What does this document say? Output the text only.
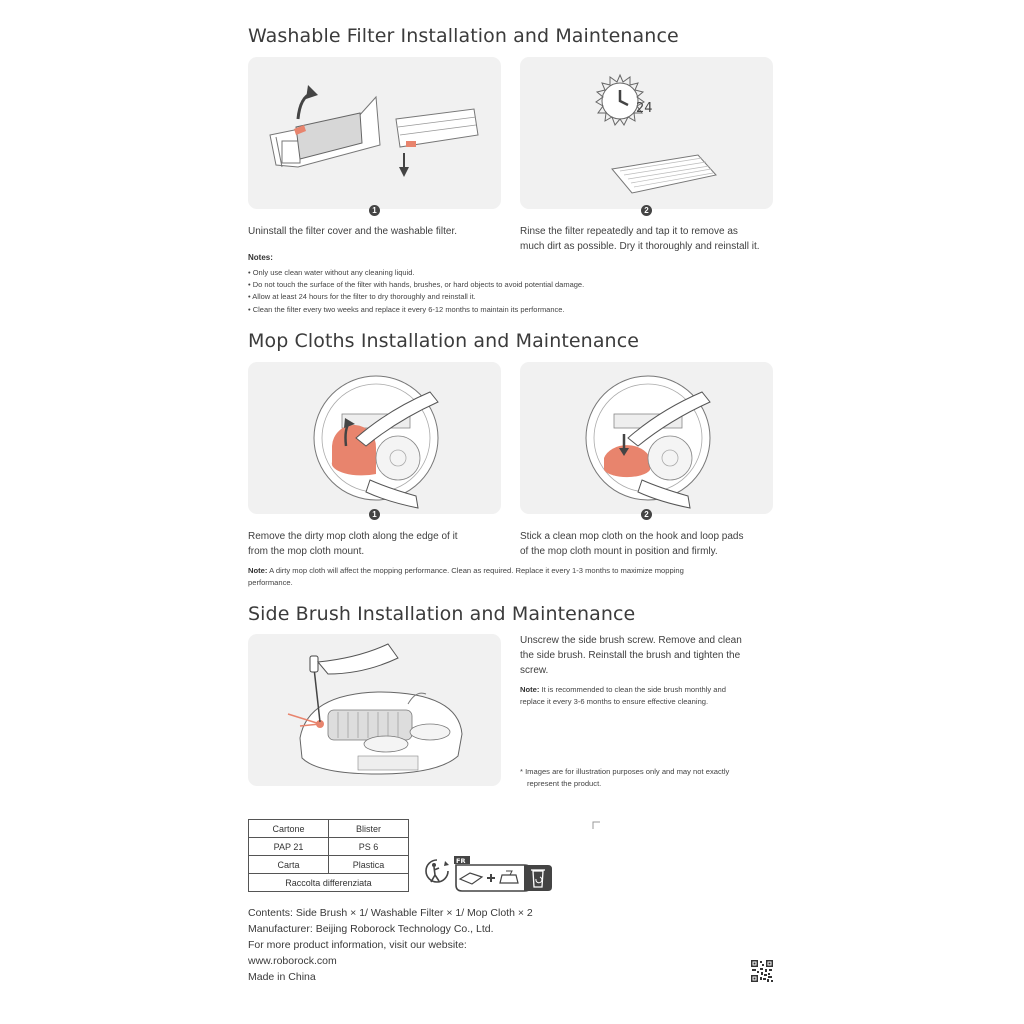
Washable Filter Installation and Maintenance
1
24
2

Uninstall the filter cover and the washable filter.	Rinse the filter repeatedly and tap it to remove as

much dirt as possible. Dry it thoroughly and reinstall it.

Notes:
• Only use clean water without any cleaning liquid.
• Do not touch the surface of the filter with hands, brushes, or hard objects to avoid potential damage.
• Allow at least 24 hours for the filter to dry thoroughly and reinstall it.
• Clean the filter every two weeks and replace it every 6-12 months to maintain its performance.
Mop Cloths Installation and Maintenance
1	2

Remove the dirty mop cloth along the edge of it

from the mop cloth mount.

Stick a clean mop cloth on the hook and loop pads

of the mop cloth mount in position and firmly.

Note: A dirty mop cloth will affect the mopping performance. Clean as required. Replace it every 1-3 months to maximize mopping
performance.

Side Brush Installation and Maintenance

Unscrew the side brush screw. Remove and clean

the side brush. Reinstall the brush and tighten the

screw.

Note: It is recommended to clean the side brush monthly and
replace it every 3-6 months to ensure effective cleaning.

* Images are for illustration purposes only and may not exactly
represent the product.

Cartone	Blister
PAP 21	PS 6
Carta	Plastica
Raccolta differenziata	
FR

Contents: Side Brush × 1/ Washable Filter × 1/ Mop Cloth × 2

Manufacturer: Beijing Roborock Technology Co., Ltd.

For more product information, visit our website:

www.roborock.com

Made in China
